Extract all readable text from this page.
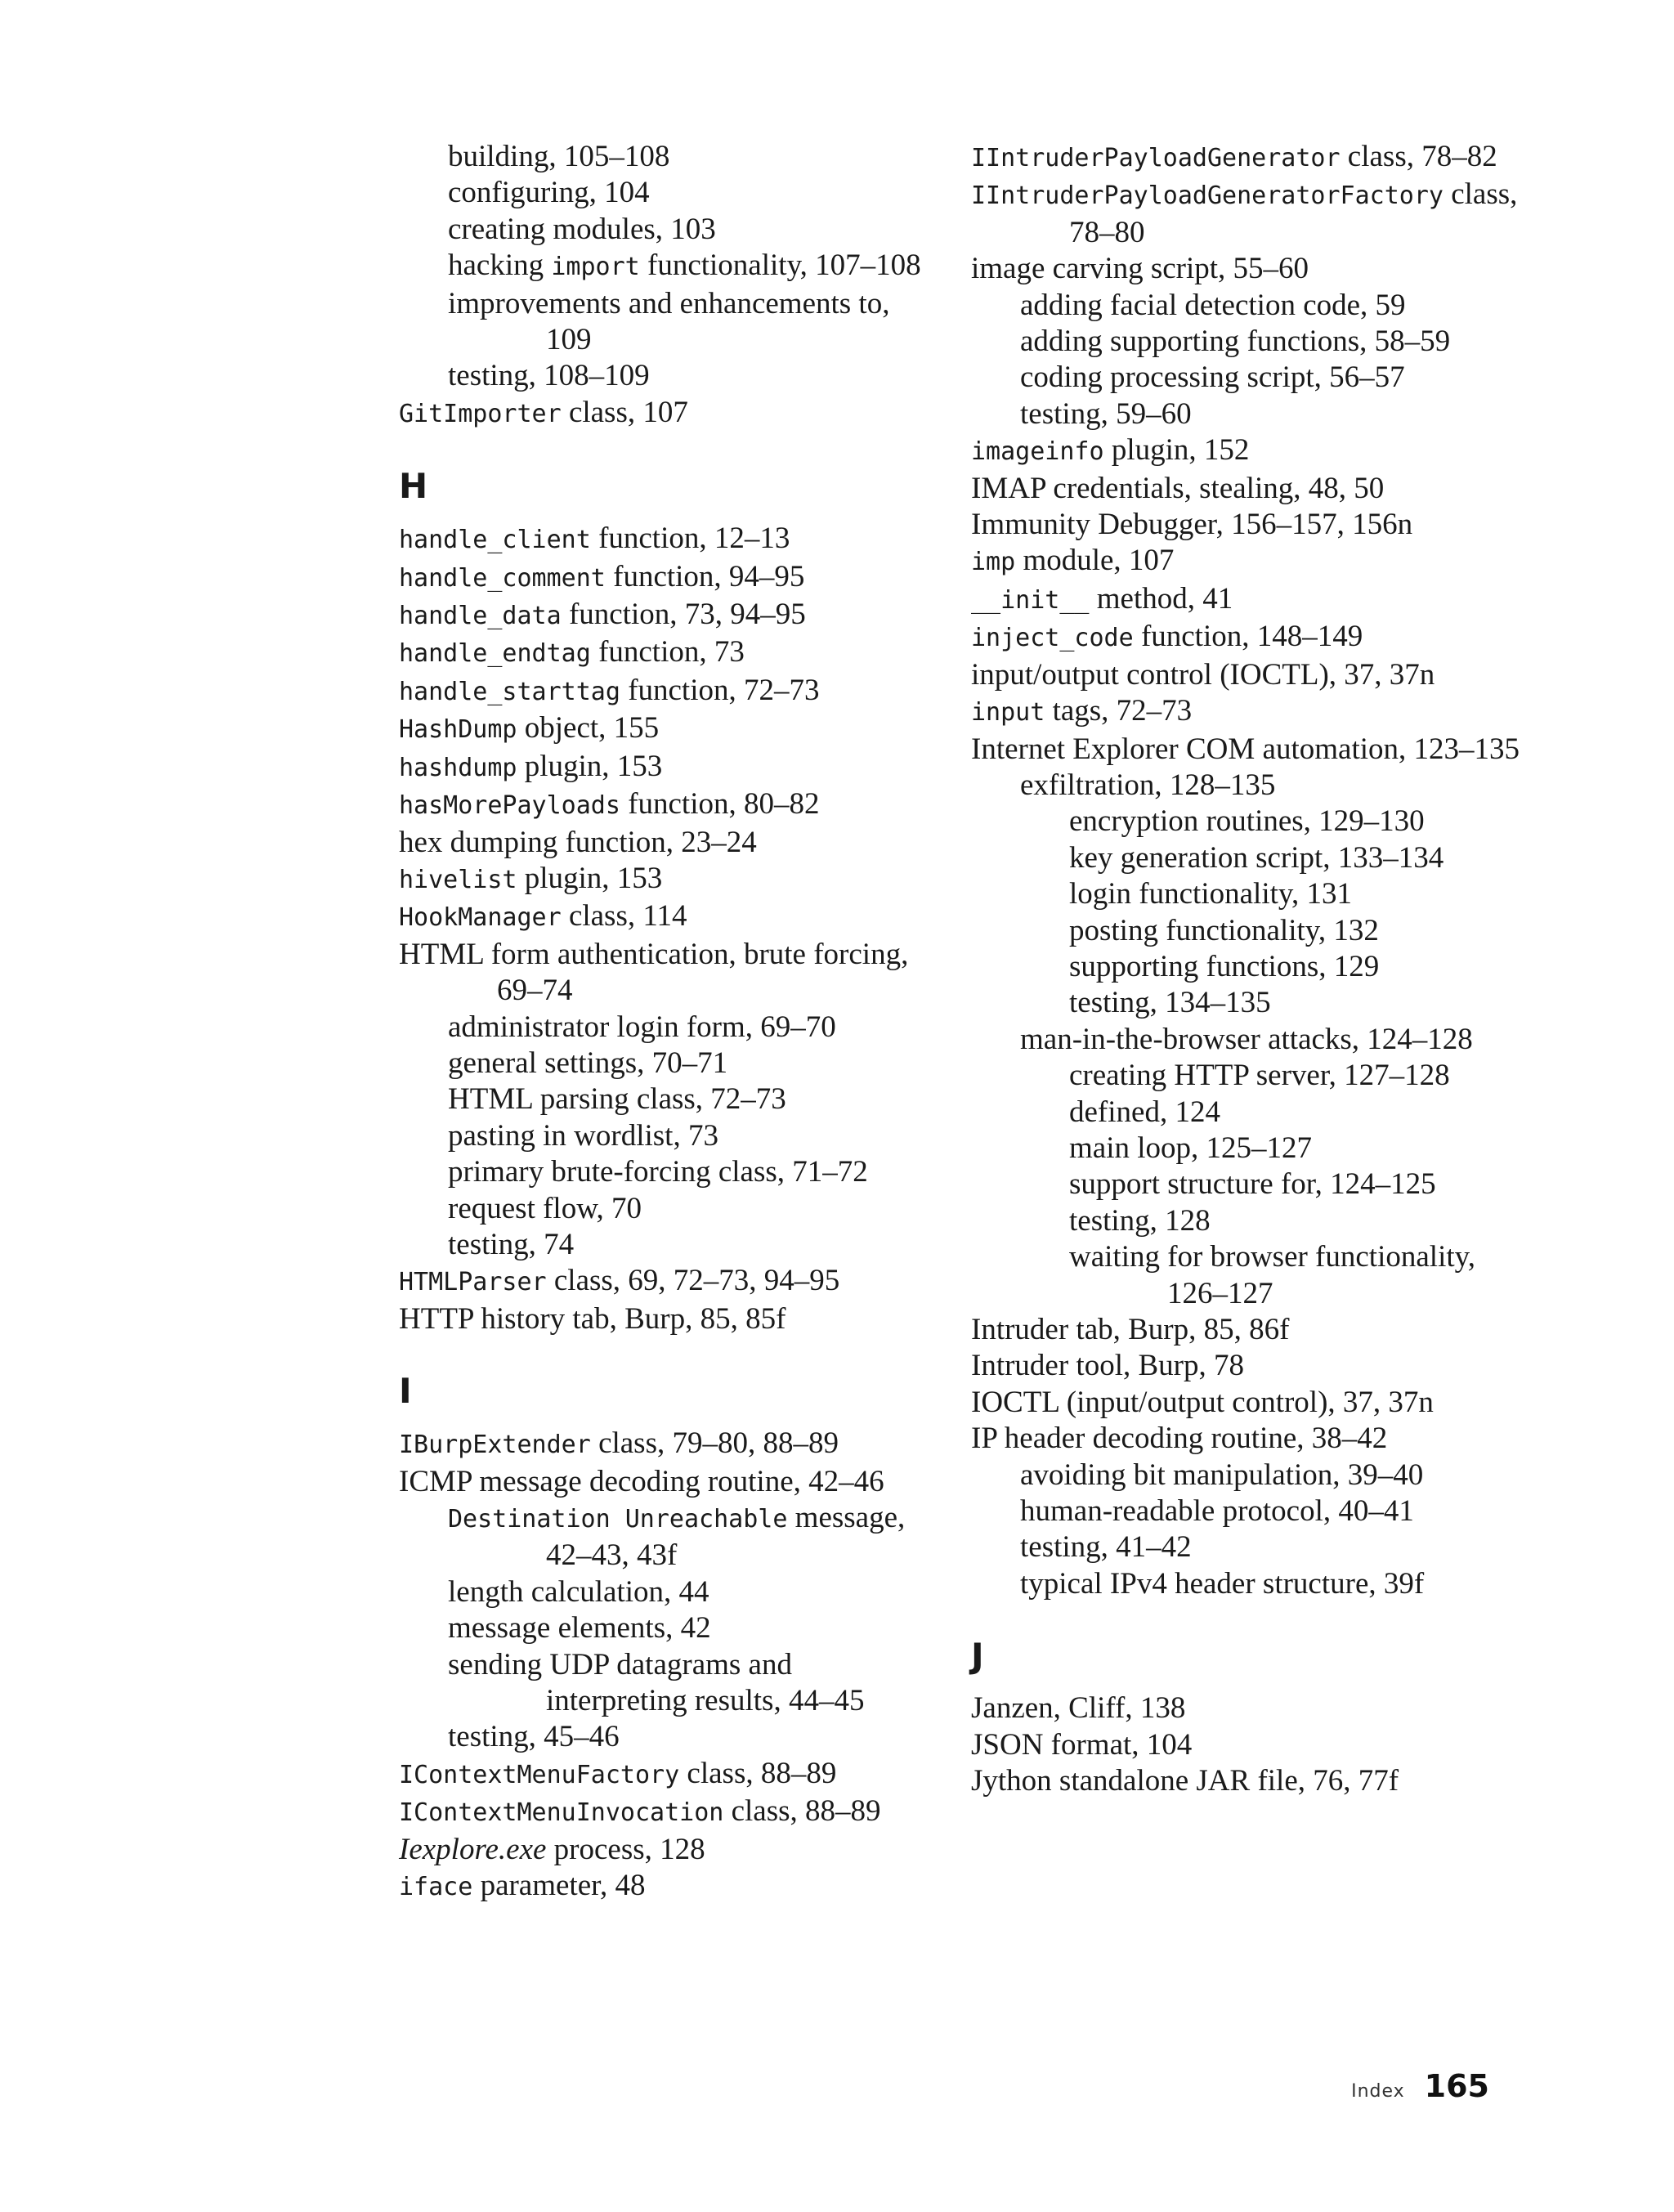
building, 105–108
configuring, 104
creating modules, 103
hacking import functionality, 107–108
improvements and enhancements to, 109
testing, 108–109
GitImporter class, 107
H
handle_client function, 12–13
handle_comment function, 94–95
handle_data function, 73, 94–95
handle_endtag function, 73
handle_starttag function, 72–73
HashDump object, 155
hashdump plugin, 153
hasMorePayloads function, 80–82
hex dumping function, 23–24
hivelist plugin, 153
HookManager class, 114
HTML form authentication, brute forcing, 69–74
administrator login form, 69–70
general settings, 70–71
HTML parsing class, 72–73
pasting in wordlist, 73
primary brute-forcing class, 71–72
request flow, 70
testing, 74
HTMLParser class, 69, 72–73, 94–95
HTTP history tab, Burp, 85, 85f
I
IBurpExtender class, 79–80, 88–89
ICMP message decoding routine, 42–46
Destination Unreachable message, 42–43, 43f
length calculation, 44
message elements, 42
sending UDP datagrams and interpreting results, 44–45
testing, 45–46
IContextMenuFactory class, 88–89
IContextMenuInvocation class, 88–89
Iexplore.exe process, 128
iface parameter, 48
IIntruderPayloadGenerator class, 78–82
IIntruderPayloadGeneratorFactory class, 78–80
image carving script, 55–60
adding facial detection code, 59
adding supporting functions, 58–59
coding processing script, 56–57
testing, 59–60
imageinfo plugin, 152
IMAP credentials, stealing, 48, 50
Immunity Debugger, 156–157, 156n
imp module, 107
__init__ method, 41
inject_code function, 148–149
input/output control (IOCTL), 37, 37n
input tags, 72–73
Internet Explorer COM automation, 123–135
exfiltration, 128–135
encryption routines, 129–130
key generation script, 133–134
login functionality, 131
posting functionality, 132
supporting functions, 129
testing, 134–135
man-in-the-browser attacks, 124–128
creating HTTP server, 127–128
defined, 124
main loop, 125–127
support structure for, 124–125
testing, 128
waiting for browser functionality, 126–127
Intruder tab, Burp, 85, 86f
Intruder tool, Burp, 78
IOCTL (input/output control), 37, 37n
IP header decoding routine, 38–42
avoiding bit manipulation, 39–40
human-readable protocol, 40–41
testing, 41–42
typical IPv4 header structure, 39f
J
Janzen, Cliff, 138
JSON format, 104
Jython standalone JAR file, 76, 77f
Index 165
